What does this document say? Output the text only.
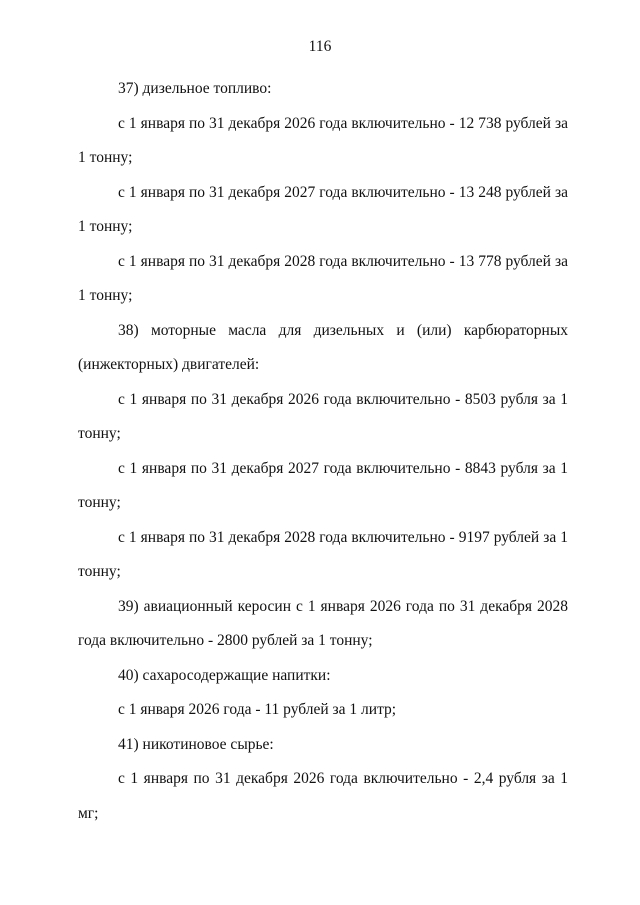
116

37) дизельное топливо:

с 1 января по 31 декабря 2026 года включительно - 12 738 рублей за 1 тонну;

с 1 января по 31 декабря 2027 года включительно - 13 248 рублей за 1 тонну;

с 1 января по 31 декабря 2028 года включительно - 13 778 рублей за 1 тонну;

38) моторные масла для дизельных и (или) карбюраторных (инжекторных) двигателей:

с 1 января по 31 декабря 2026 года включительно - 8503 рубля за 1 тонну;

с 1 января по 31 декабря 2027 года включительно - 8843 рубля за 1 тонну;

с 1 января по 31 декабря 2028 года включительно - 9197 рублей за 1 тонну;

39) авиационный керосин с 1 января 2026 года по 31 декабря 2028 года включительно - 2800 рублей за 1 тонну;

40) сахаросодержащие напитки:

с 1 января 2026 года - 11 рублей за 1 литр;

41) никотиновое сырье:

с 1 января по 31 декабря 2026 года включительно - 2,4 рубля за 1 мг;
